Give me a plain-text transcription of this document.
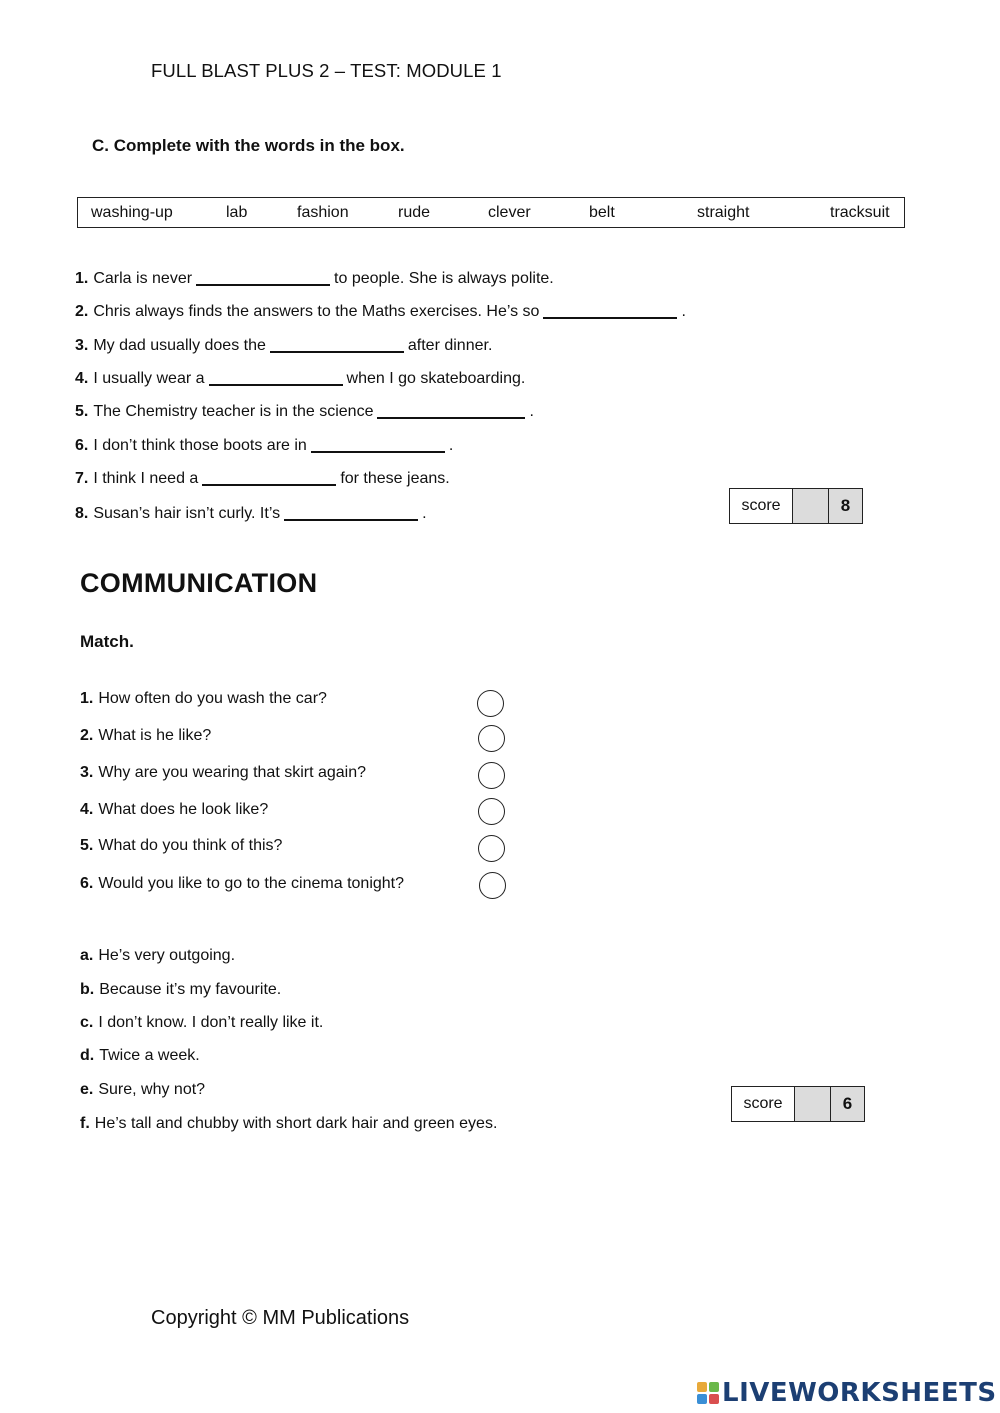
FULL BLAST PLUS 2 – TEST: MODULE 1
C. Complete with the words in the box.
washing-up	lab	fashion	rude	clever	belt	straight	tracksuit
1. Carla is never	to people. She is always polite.
2. Chris always finds the answers to the Maths exercises. He’s so	.
3. My dad usually does the	after dinner.
4. I usually wear a	when I go skateboarding.
5. The Chemistry teacher is in the science	.
6. I don’t think those boots are in	.
7. I think I need a	for these jeans.
8. Susan’s hair isn’t curly. It’s	.	score	8
COMMUNICATION
Match.
1. How often do you wash the car?
2. What is he like?
3. Why are you wearing that skirt again?
4. What does he look like?
5. What do you think of this?
6. Would you like to go to the cinema tonight?
a. He’s very outgoing.
b. Because it’s my favourite.
c. I don’t know. I don’t really like it.
d. Twice a week.
e. Sure, why not?
f. He’s tall and chubby with short dark hair and green eyes.
score	6
Copyright © MM Publications
LIVEWORKSHEETS
